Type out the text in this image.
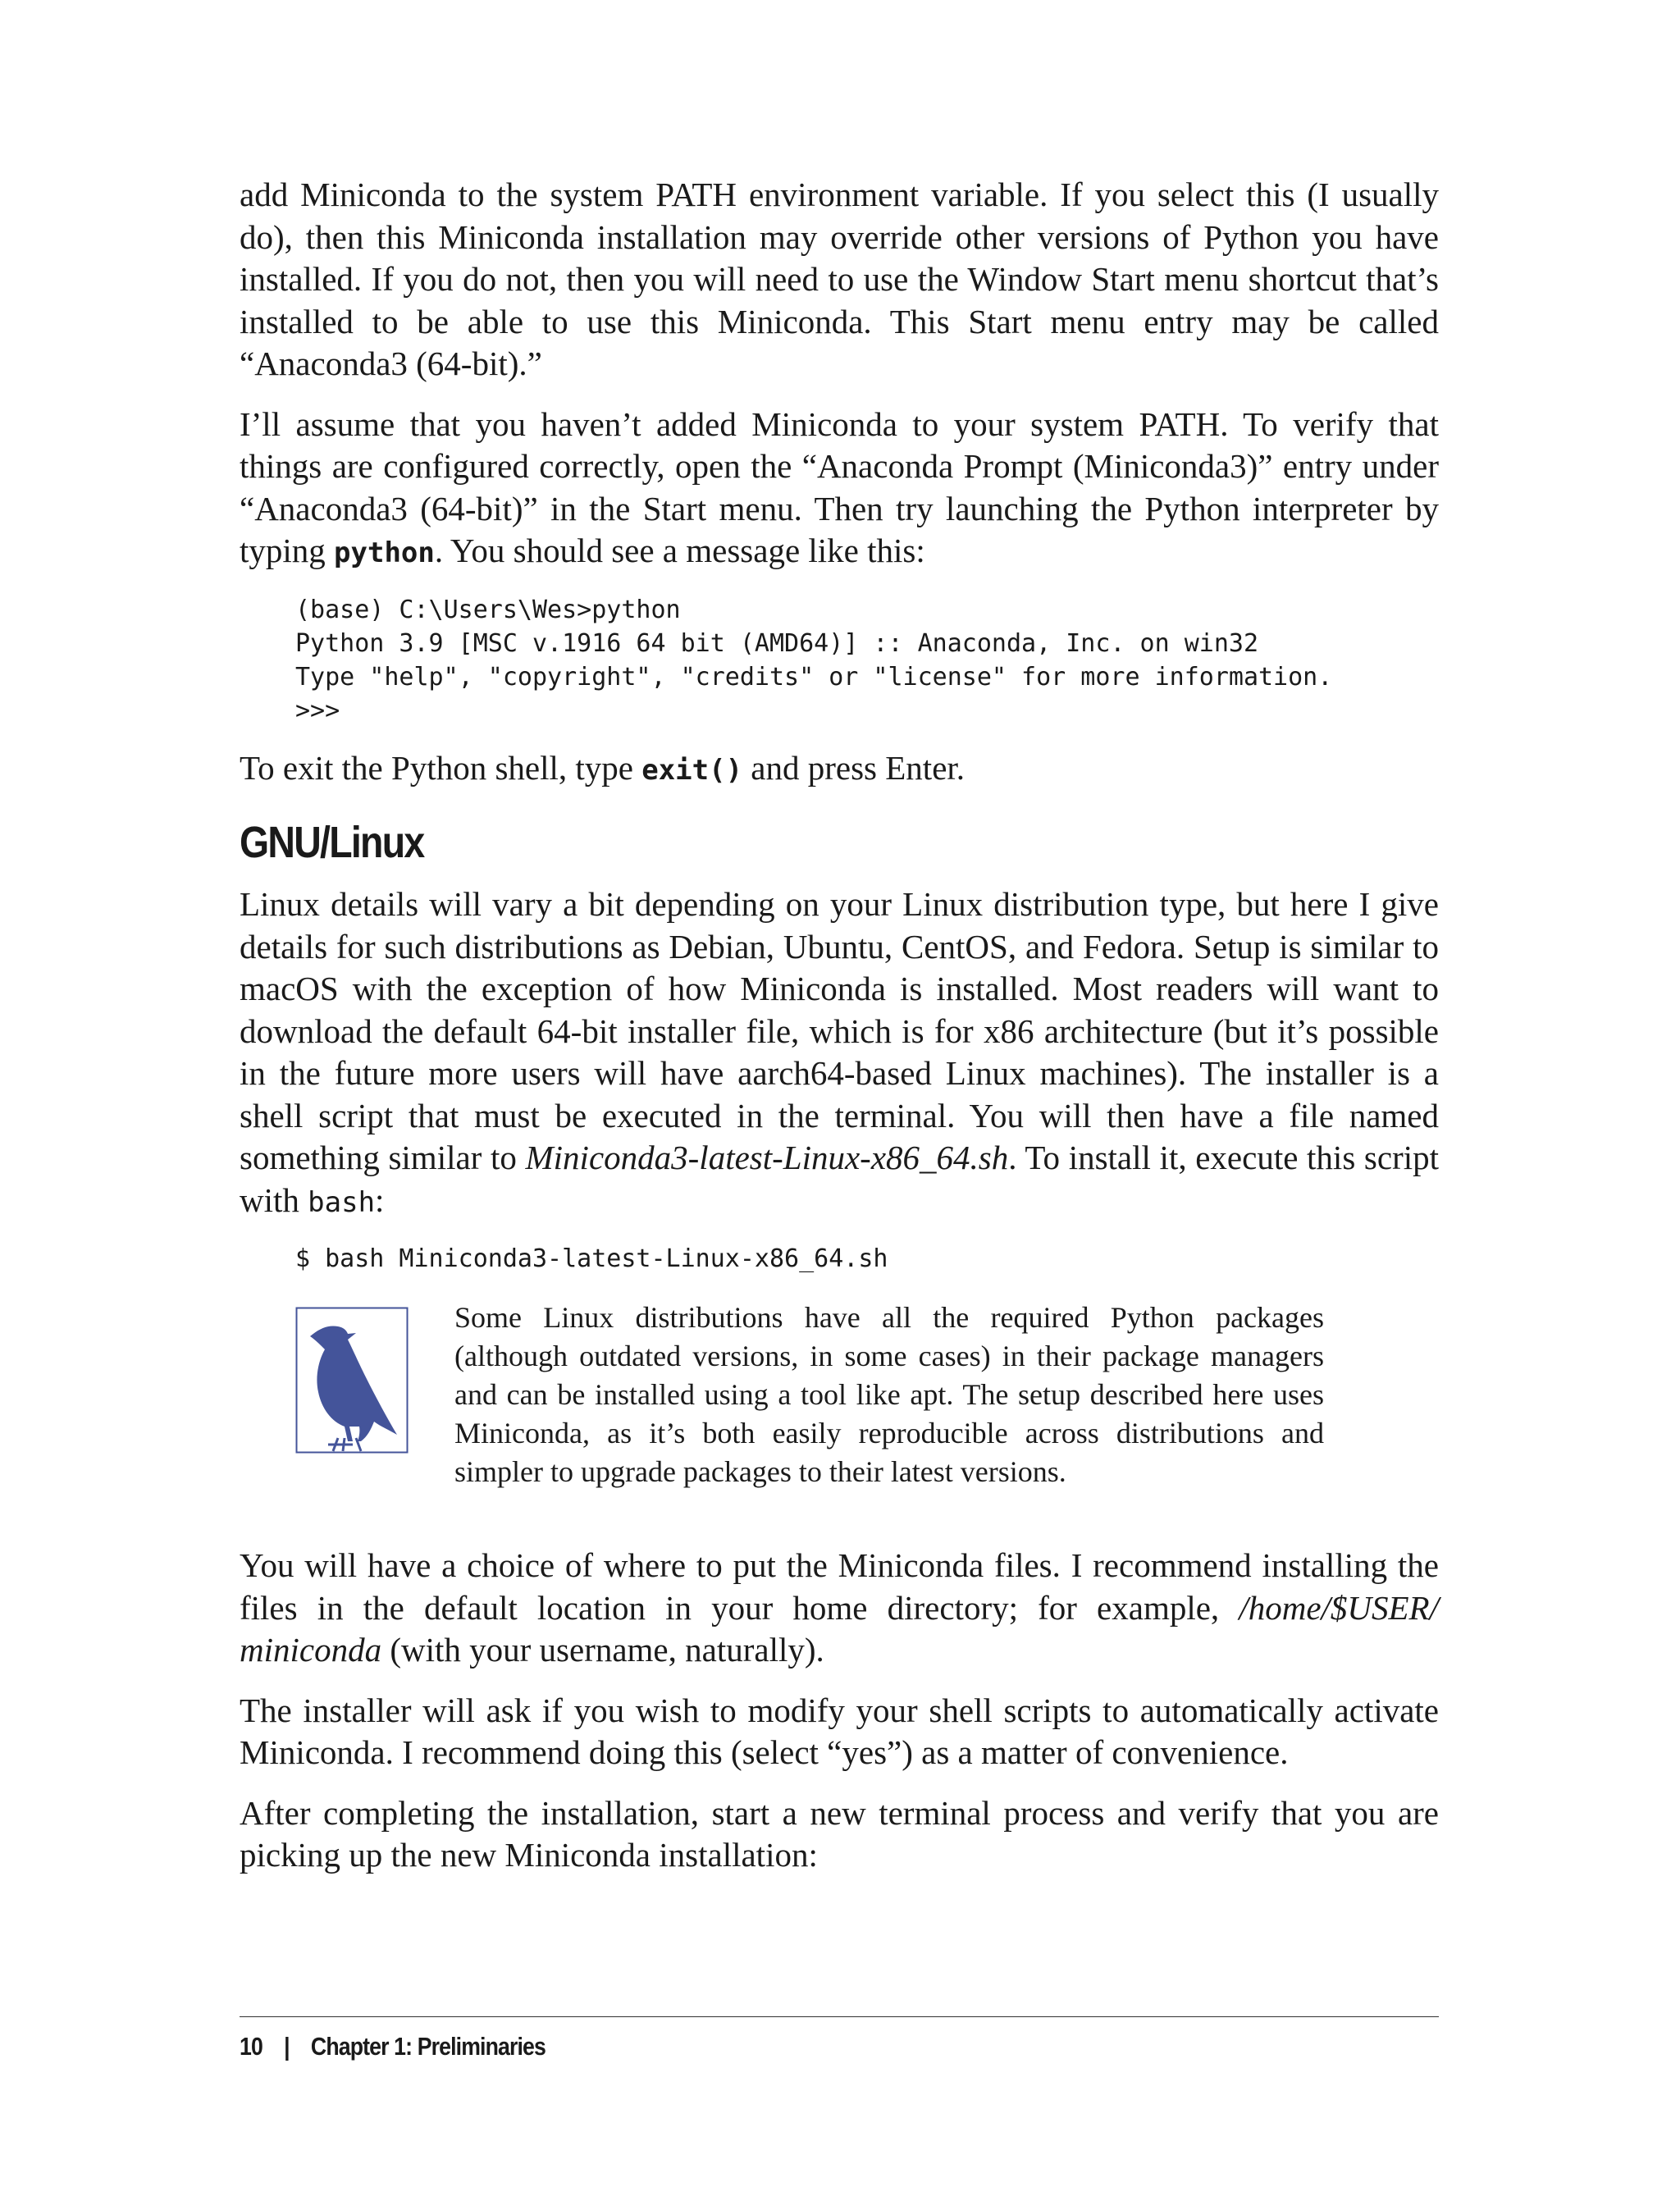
add Miniconda to the system PATH environment variable. If you select this (I usually do), then this Miniconda installation may override other versions of Python you have installed. If you do not, then you will need to use the Window Start menu shortcut that’s installed to be able to use this Miniconda. This Start menu entry may be called “Anaconda3 (64-bit).”

I’ll assume that you haven’t added Miniconda to your system PATH. To verify that things are configured correctly, open the “Anaconda Prompt (Miniconda3)” entry under “Anaconda3 (64-bit)” in the Start menu. Then try launching the Python interpreter by typing python. You should see a message like this:

(base) C:\Users\Wes>python
Python 3.9 [MSC v.1916 64 bit (AMD64)] :: Anaconda, Inc. on win32
Type "help", "copyright", "credits" or "license" for more information.
>>>

To exit the Python shell, type exit() and press Enter.

GNU/Linux

Linux details will vary a bit depending on your Linux distribution type, but here I give details for such distributions as Debian, Ubuntu, CentOS, and Fedora. Setup is similar to macOS with the exception of how Miniconda is installed. Most readers will want to download the default 64-bit installer file, which is for x86 architecture (but it’s possible in the future more users will have aarch64-based Linux machines). The installer is a shell script that must be executed in the terminal. You will then have a file named something similar to Miniconda3-latest-Linux-x86_64.sh. To install it, execute this script with bash:

$ bash Miniconda3-latest-Linux-x86_64.sh

Some Linux distributions have all the required Python packages (although outdated versions, in some cases) in their package managers and can be installed using a tool like apt. The setup described here uses Miniconda, as it’s both easily reproducible across distributions and simpler to upgrade packages to their latest versions.

You will have a choice of where to put the Miniconda files. I recommend installing the files in the default location in your home directory; for example, /home/$USER/​miniconda (with your username, naturally).

The installer will ask if you wish to modify your shell scripts to automatically activate Miniconda. I recommend doing this (select “yes”) as a matter of convenience.

After completing the installation, start a new terminal process and verify that you are picking up the new Miniconda installation:

10 | Chapter 1: Preliminaries
